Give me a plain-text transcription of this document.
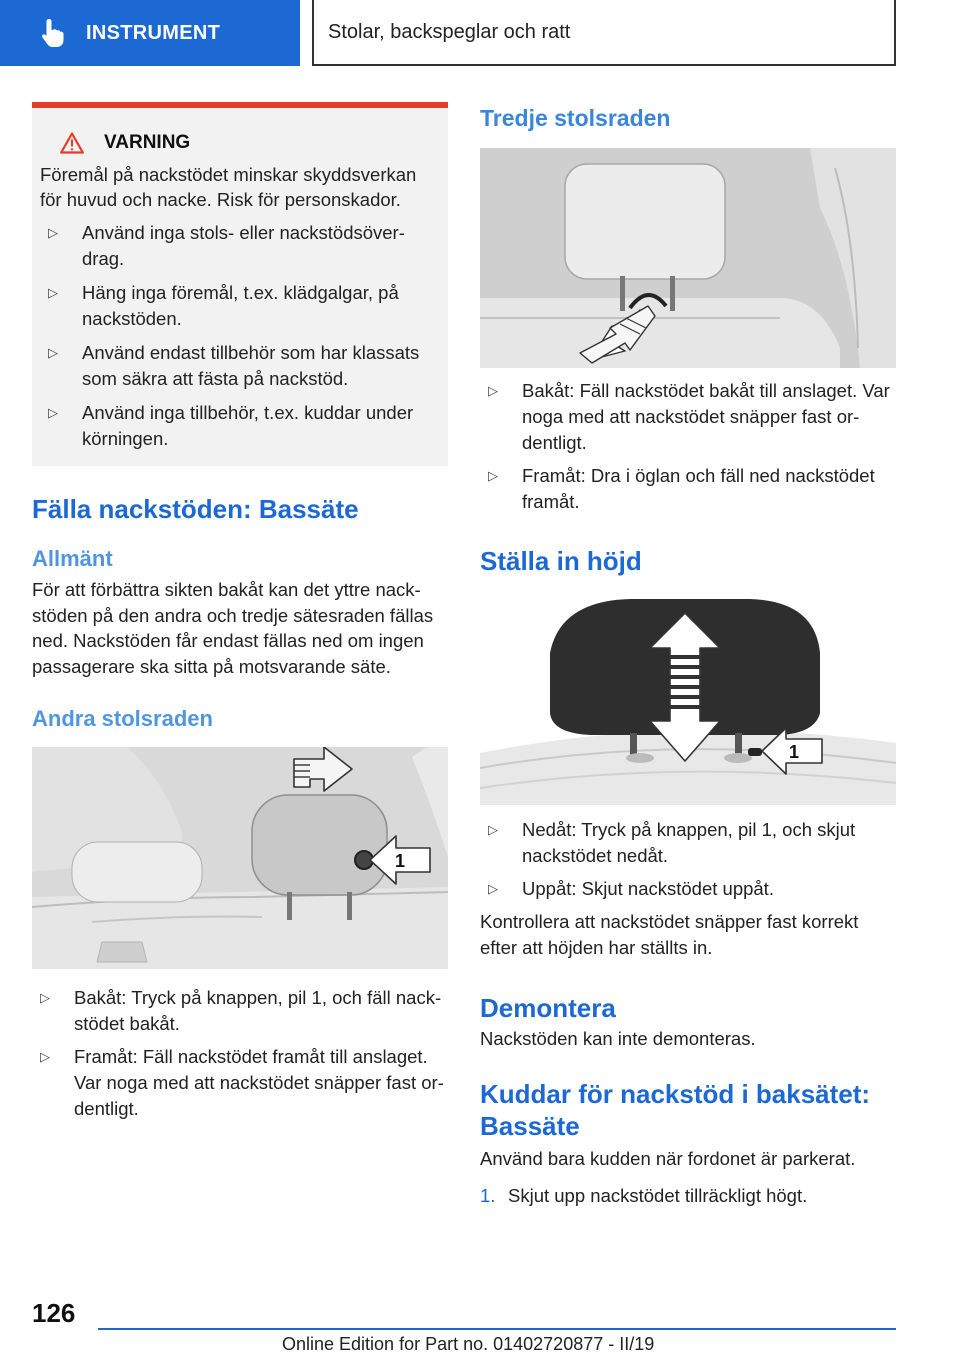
INSTRUMENT	Stolar, backspeglar och ratt
VARNING

Föremål på nackstödet minskar skyddsverkan för huvud och nacke. Risk för personskador.

▷ Använd inga stols- eller nackstödsöver-drag.
▷ Häng inga föremål, t.ex. klädgalgar, på nackstöden.
▷ Använd endast tillbehör som har klassats som säkra att fästa på nackstöd.
▷ Använd inga tillbehör, t.ex. kuddar under körningen.
Fälla nackstöden: Bassäte
Allmänt

För att förbättra sikten bakåt kan det yttre nack-stöden på den andra och tredje sätesraden fällas ned. Nackstöden får endast fällas ned om ingen passagerare ska sitta på motsvarande säte.

Andra stolsraden
1
▷ Bakåt: Tryck på knappen, pil 1, och fäll nack-stödet bakåt.
▷ Framåt: Fäll nackstödet framåt till anslaget. Var noga med att nackstödet snäpper fast or-dentligt.
Tredje stolsraden
▷ Bakåt: Fäll nackstödet bakåt till anslaget. Var noga med att nackstödet snäpper fast or-dentligt.
▷ Framåt: Dra i öglan och fäll ned nackstödet framåt.
Ställa in höjd
1
▷ Nedåt: Tryck på knappen, pil 1, och skjut nackstödet nedåt.
▷ Uppåt: Skjut nackstödet uppåt.

Kontrollera att nackstödet snäpper fast korrekt efter att höjden har ställts in.

Demontera

Nackstöden kan inte demonteras.

Kuddar för nackstöd i baksätet: Bassäte

Använd bara kudden när fordonet är parkerat.

1. Skjut upp nackstödet tillräckligt högt.
126
Online Edition for Part no. 01402720877 - II/19
